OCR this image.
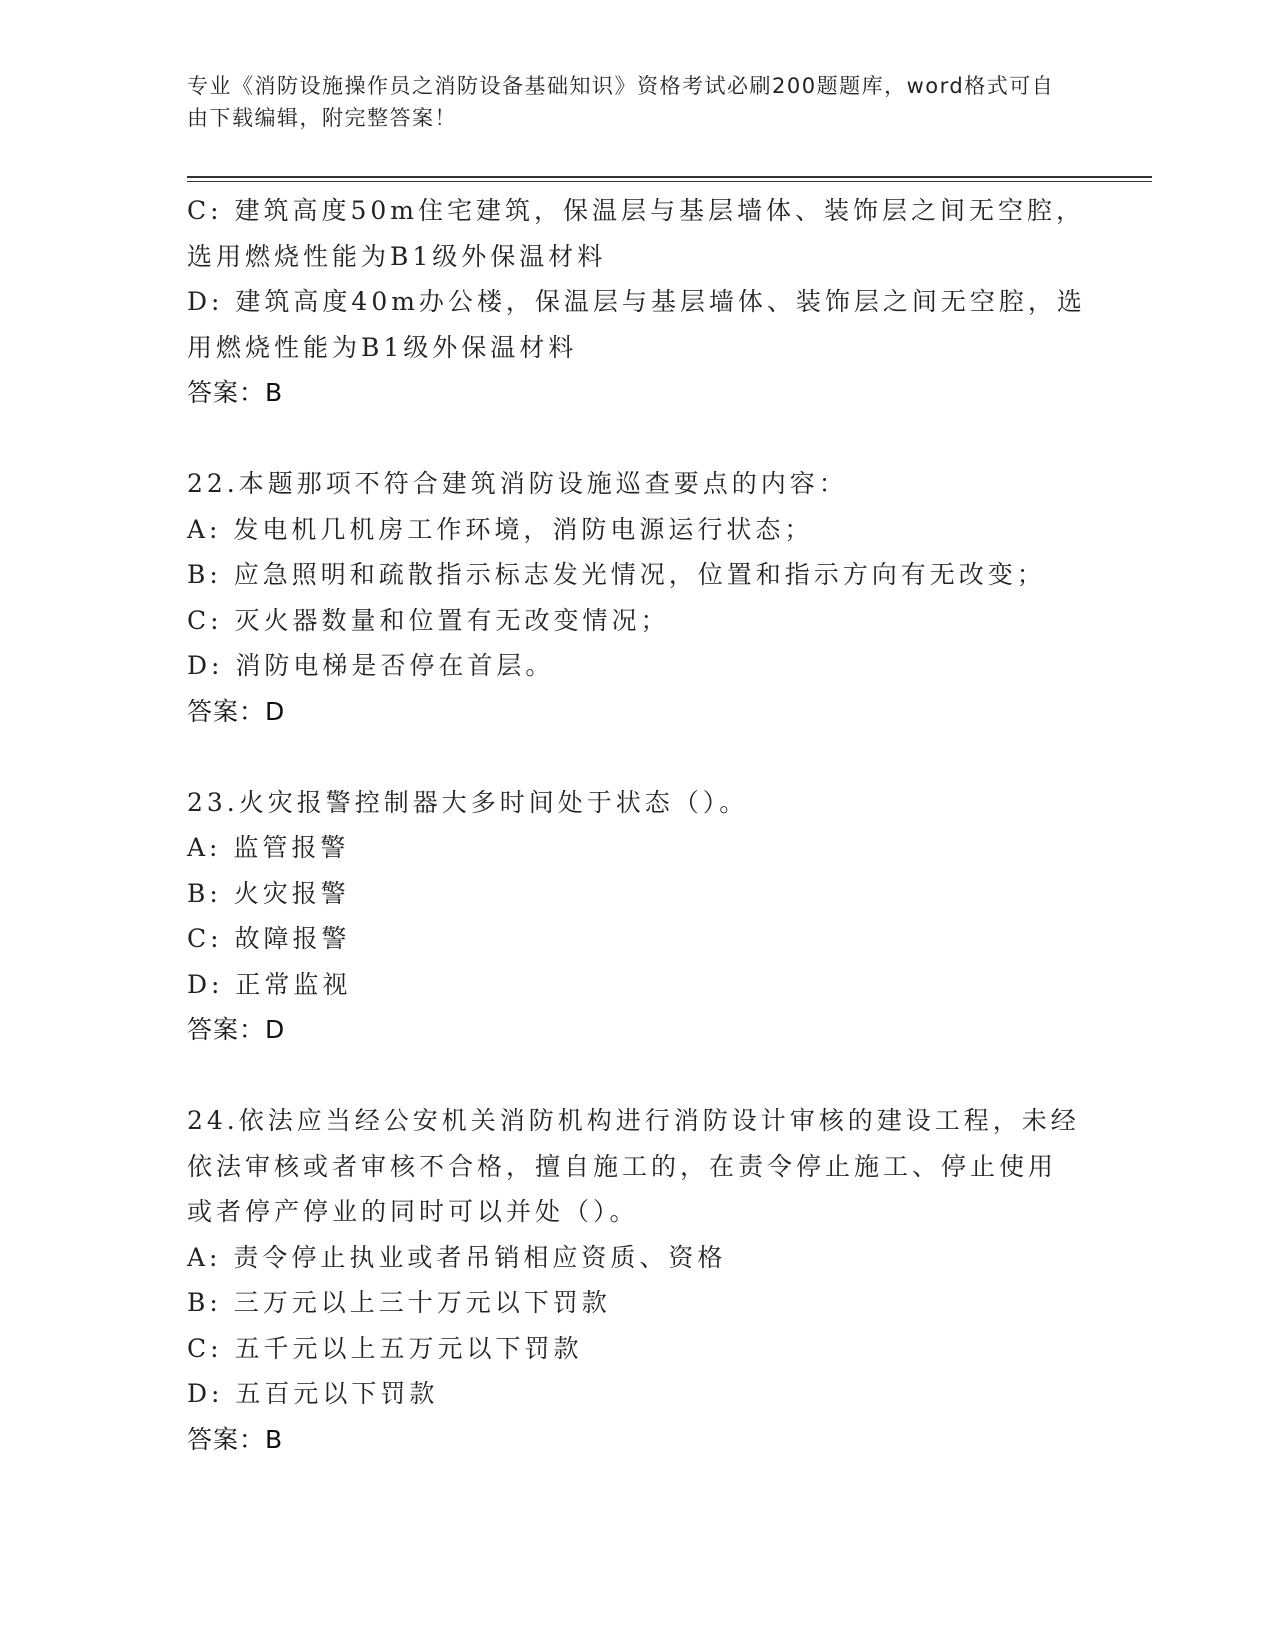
专业《消防设施操作员之消防设备基础知识》资格考试必刷200题题库，word格式可自由下载编辑，附完整答案！
C: 建筑高度50m住宅建筑，保温层与基层墙体、装饰层之间无空腔，
选用燃烧性能为B1级外保温材料
D: 建筑高度40m办公楼，保温层与基层墙体、装饰层之间无空腔，选
用燃烧性能为B1级外保温材料
答案：B
22.本题那项不符合建筑消防设施巡查要点的内容：
A: 发电机几机房工作环境，消防电源运行状态；
B: 应急照明和疏散指示标志发光情况，位置和指示方向有无改变；
C: 灭火器数量和位置有无改变情况；
D: 消防电梯是否停在首层。
答案：D
23.火灾报警控制器大多时间处于状态（）。
A: 监管报警
B: 火灾报警
C: 故障报警
D: 正常监视
答案：D
24.依法应当经公安机关消防机构进行消防设计审核的建设工程，未经
依法审核或者审核不合格，擅自施工的，在责令停止施工、停止使用
或者停产停业的同时可以并处（）。
A: 责令停止执业或者吊销相应资质、资格
B: 三万元以上三十万元以下罚款
C: 五千元以上五万元以下罚款
D: 五百元以下罚款
答案：B
